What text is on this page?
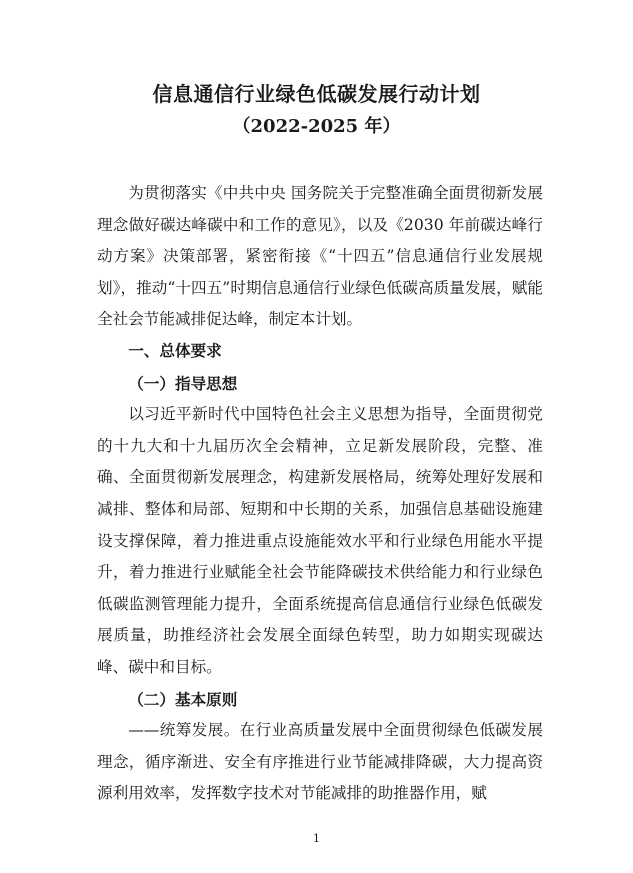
信息通信行业绿色低碳发展行动计划
（2022-2025 年）

为贯彻落实《中共中央 国务院关于完整准确全面贯彻新发展理念做好碳达峰碳中和工作的意见》，以及《2030 年前碳达峰行动方案》决策部署，紧密衔接《“十四五”信息通信行业发展规划》，推动“十四五”时期信息通信行业绿色低碳高质量发展，赋能全社会节能减排促达峰，制定本计划。

一、总体要求

（一）指导思想

以习近平新时代中国特色社会主义思想为指导，全面贯彻党的十九大和十九届历次全会精神，立足新发展阶段，完整、准确、全面贯彻新发展理念，构建新发展格局，统筹处理好发展和减排、整体和局部、短期和中长期的关系，加强信息基础设施建设支撑保障，着力推进重点设施能效水平和行业绿色用能水平提升，着力推进行业赋能全社会节能降碳技术供给能力和行业绿色低碳监测管理能力提升，全面系统提高信息通信行业绿色低碳发展质量，助推经济社会发展全面绿色转型，助力如期实现碳达峰、碳中和目标。

（二）基本原则

——统筹发展。在行业高质量发展中全面贯彻绿色低碳发展理念，循序渐进、安全有序推进行业节能减排降碳，大力提高资源利用效率，发挥数字技术对节能减排的助推器作用，赋

1
